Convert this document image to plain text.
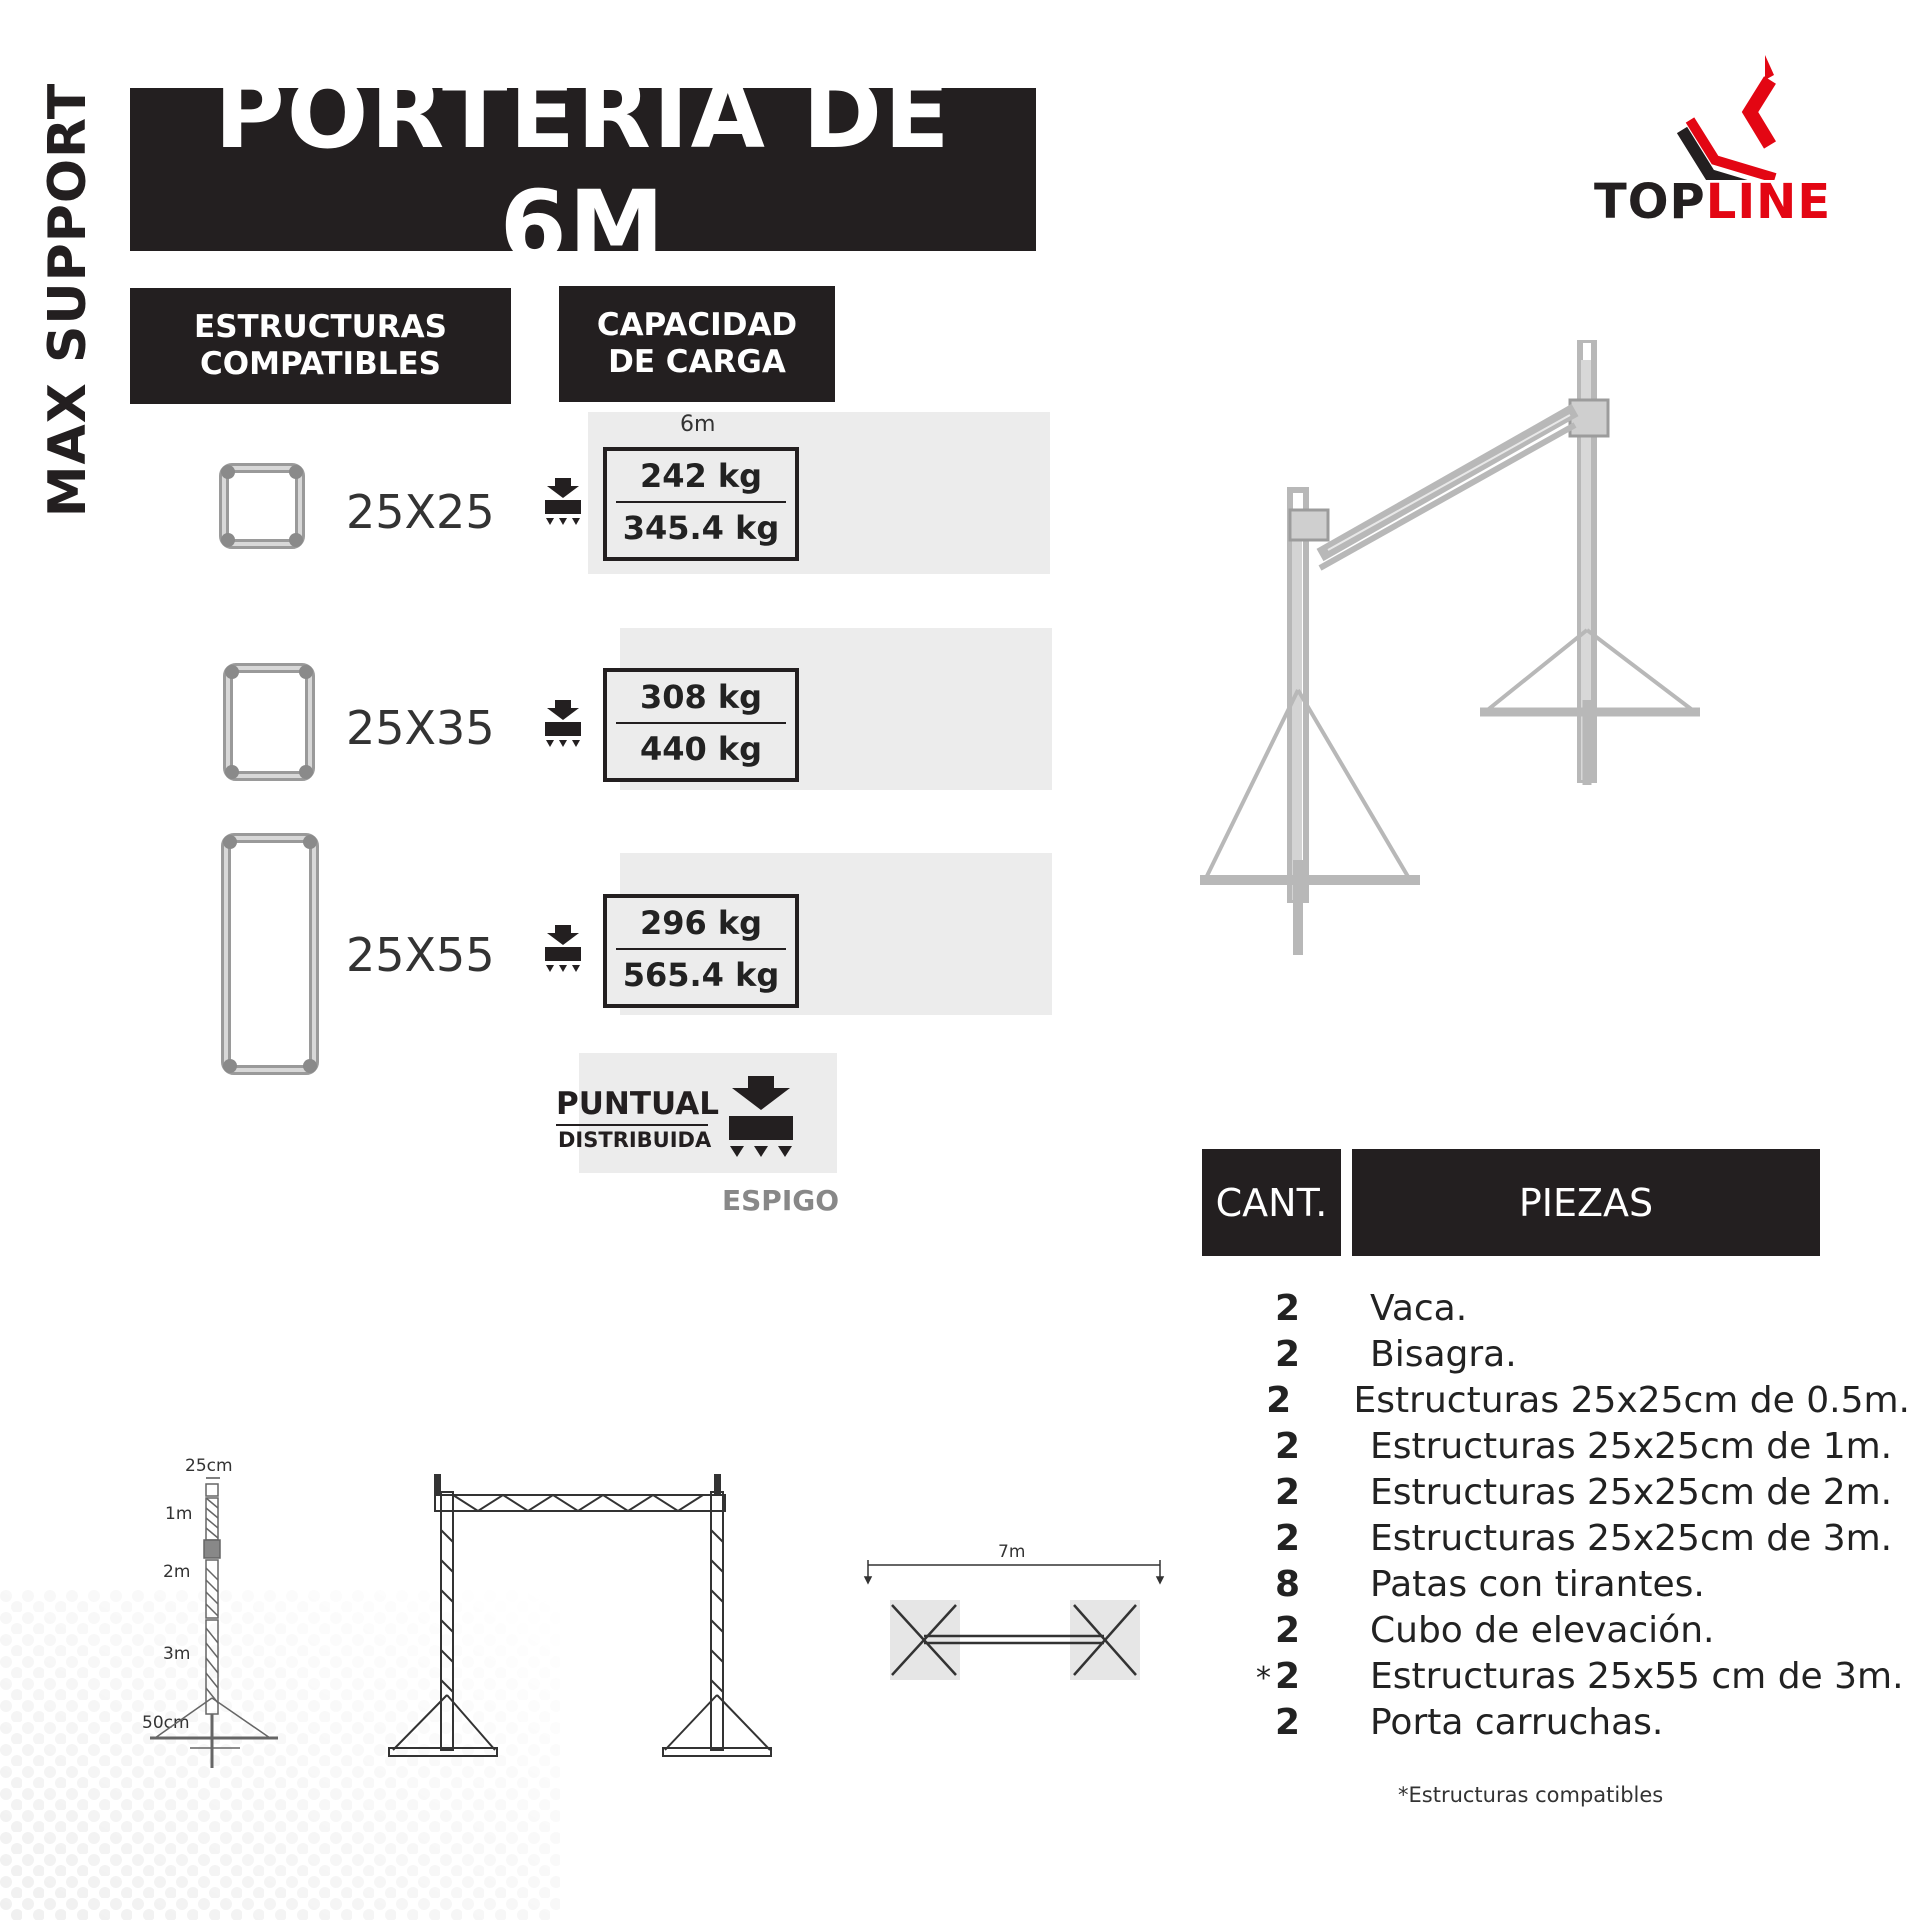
MAX SUPPORT	PORTERÍA DE 6M	TOPLINE
ESTRUCTURAS
COMPATIBLES
CAPACIDAD
DE CARGA
6m
25X25
242 kg
345.4 kg
25X35
308 kg
440 kg
25X55
296 kg
565.4 kg
PUNTUAL
DISTRIBUIDA
ESPIGO	CANT.	PIEZAS
2 Vaca.
2 Bisagra.
2 Estructuras 25x25cm de 0.5m.
2 Estructuras 25x25cm de 1m.
2 Estructuras 25x25cm de 2m.
2 Estructuras 25x25cm de 3m.
8 Patas con tirantes.
2 Cubo de elevación.
* 2 Estructuras 25x55 cm de 3m.
2 Porta carruchas.
*Estructuras compatibles
25cm
1m
2m
3m
50cm
7m
